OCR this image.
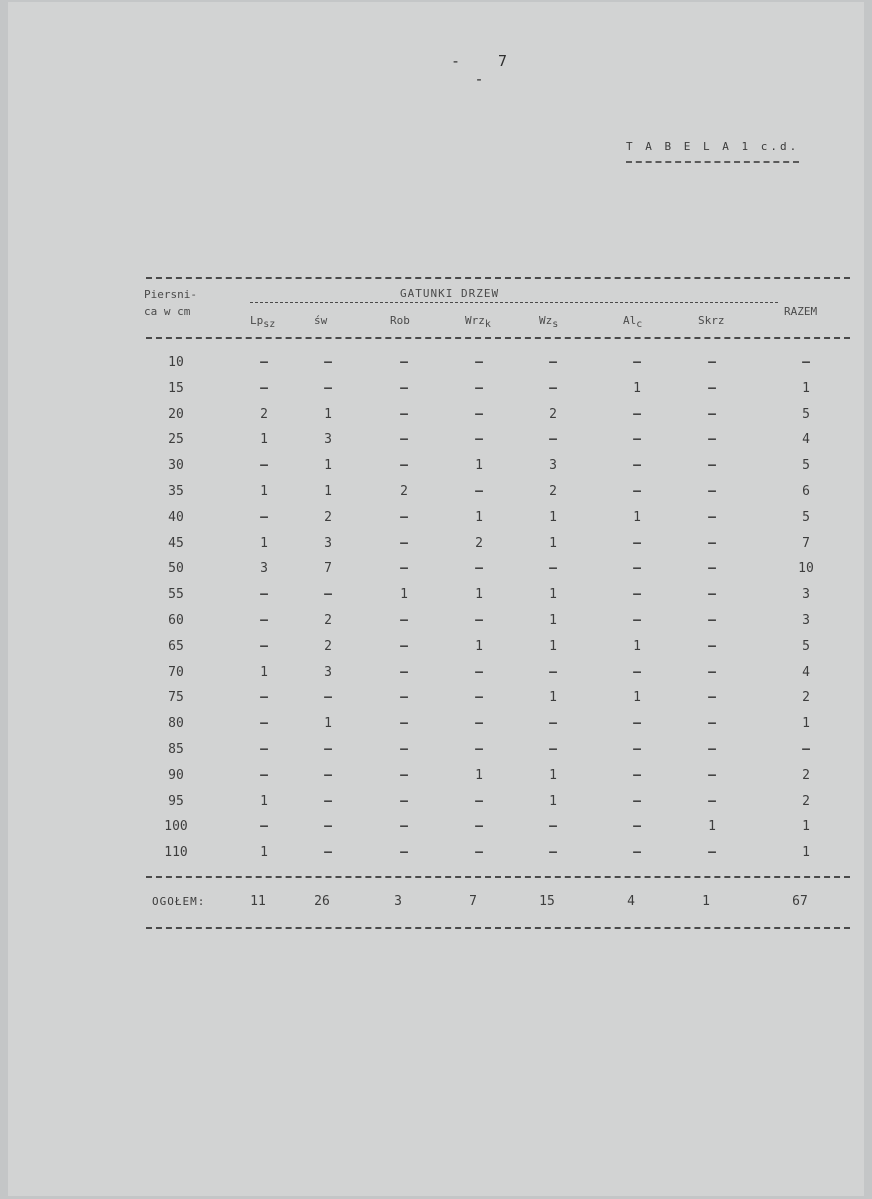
- 7-
T A B E L A 1 c.d.
Piersni-
ca w cm
GATUNKI DRZEW
$Lp_{sz}$	św	Rob	Wrz$_k$	$Wz_s$	$Al_c$	Skrz
RAZEM
10	–	–	–	–	–	–	–	–
15	–	–	–	–	–	1	–	1
20	2	1	–	–	2	–	–	5
25	1	3	–	–	–	–	–	4
30	–	1	–	1	3	–	–	5
35	1	1	2	–	2	–	–	6
40	–	2	–	1	1	1	–	5
45	1	3	–	2	1	–	–	7
50	3	7	–	–	–	–	–	10
55	–	–	1	1	1	–	–	3
60	–	2	–	–	1	–	–	3
65	–	2	–	1	1	1	–	5
70	1	3	–	–	–	–	–	4
75	–	–	–	–	1	1	–	2
80	–	1	–	–	–	–	–	1
85	–	–	–	–	–	–	–	–
90	–	–	–	1	1	–	–	2
95	1	–	–	–	1	–	–	2
100	–	–	–	–	–	–	1	1
110	1	–	–	–	–	–	–	1
OGOŁEM:	11	26	3	7	15	4	1	67
